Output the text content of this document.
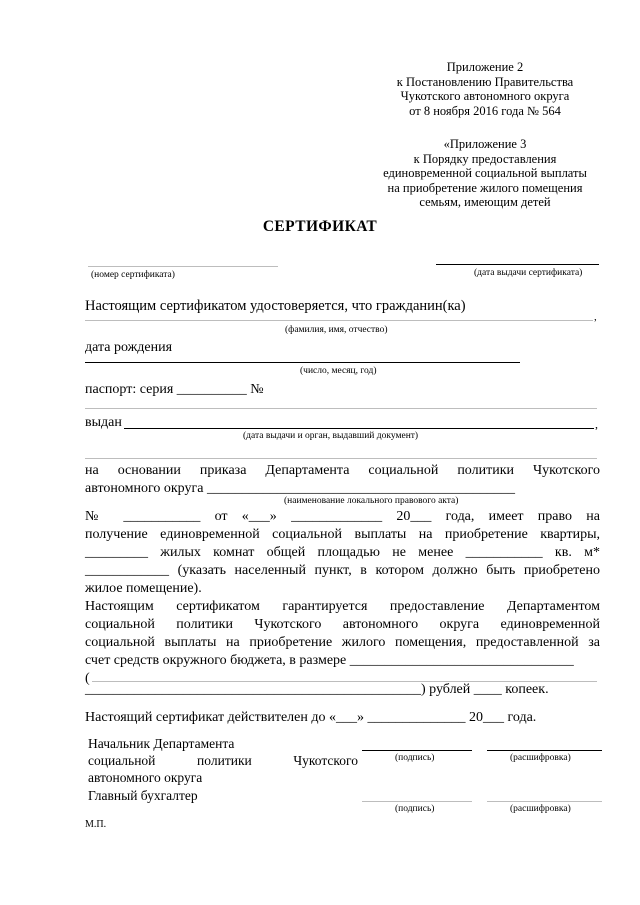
Приложение 2
к Постановлению Правительства
Чукотского автономного округа
от 8 ноября 2016 года № 564
«Приложение 3
к Порядку предоставления
единовременной социальной выплаты
на приобретение жилого помещения
семьям, имеющим детей
СЕРТИФИКАТ
(номер сертификата)	(дата выдачи сертификата)
Настоящим сертификатом удостоверяется, что гражданин(ка)
,
(фамилия, имя, отчество)
дата рождения
(число, месяц, год)
паспорт: серия __________ №
выдан	,
(дата выдачи и орган, выдавший документ)
на основании приказа Департамента социальной политики Чукотского
автономного округа ____________________________________________
(наименование локального правового акта)
№ ___________ от «___» _____________ 20___ года, имеет право на
получение единовременной социальной выплаты на приобретение квартиры,
_________ жилых комнат общей площадью не менее ___________ кв. м*
____________ (указать населенный пункт, в котором должно быть приобретено
жилое помещение).
Настоящим сертификатом гарантируется предоставление Департаментом
социальной политики Чукотского автономного округа единовременной
социальной выплаты на приобретение жилого помещения, предоставленной за
счет средств окружного бюджета, в размере ________________________________
(
________________________________________________) рублей ____ копеек.
Настоящий сертификат действителен до «___» ______________ 20___ года.
Начальник Департамента
социальной политики Чукотского
автономного округа
(подпись)	(расшифровка)
Главный бухгалтер
(подпись)	(расшифровка)
М.П.
